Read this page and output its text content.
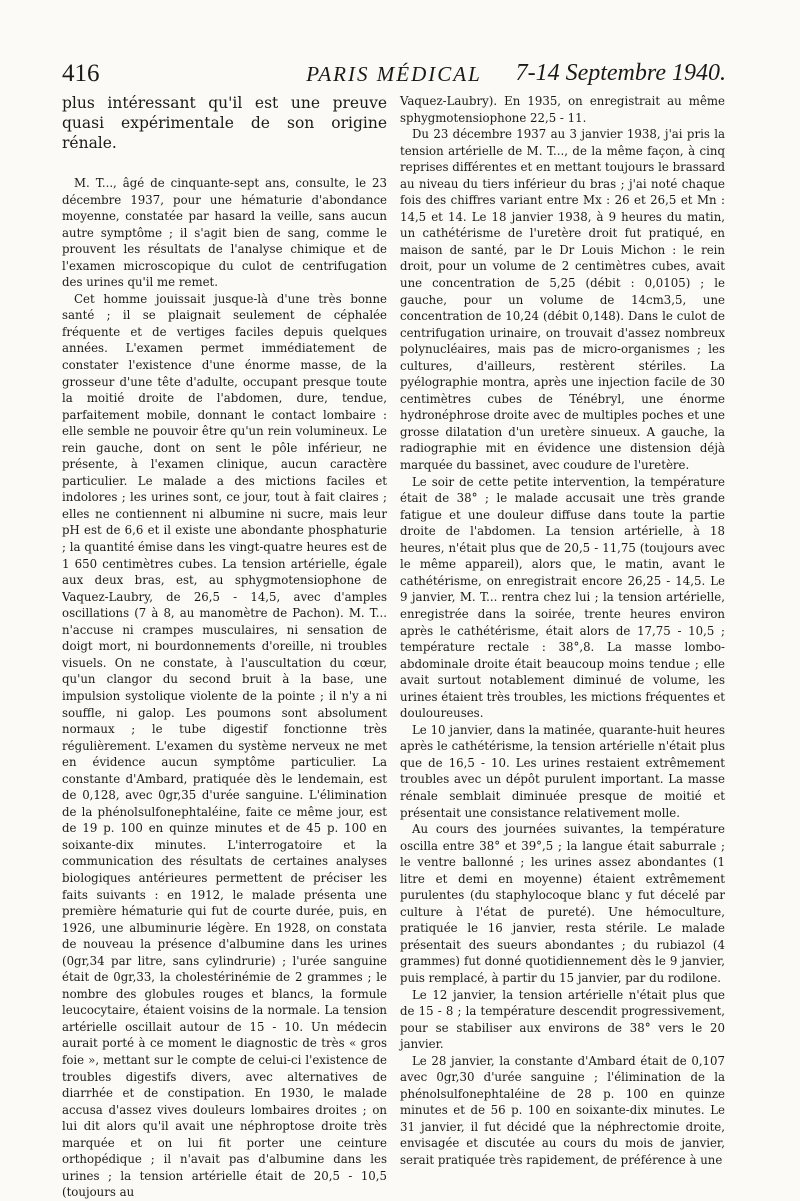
416	PARIS MÉDICAL	7-14 Septembre 1940.

plus intéressant qu'il est une preuve quasi expérimentale de son origine rénale.

M. T..., âgé de cinquante-sept ans, consulte, le 23 décembre 1937, pour une hématurie d'abondance moyenne, constatée par hasard la veille, sans aucun autre symptôme ; il s'agit bien de sang, comme le prouvent les résultats de l'analyse chimique et de l'examen microscopique du culot de centrifugation des urines qu'il me remet.

Cet homme jouissait jusque-là d'une très bonne santé ; il se plaignait seulement de céphalée fréquente et de vertiges faciles depuis quelques années. L'examen permet immédiatement de constater l'existence d'une énorme masse, de la grosseur d'une tête d'adulte, occupant presque toute la moitié droite de l'abdomen, dure, tendue, parfaitement mobile, donnant le contact lombaire : elle semble ne pouvoir être qu'un rein volumineux. Le rein gauche, dont on sent le pôle inférieur, ne présente, à l'examen clinique, aucun caractère particulier. Le malade a des mictions faciles et indolores ; les urines sont, ce jour, tout à fait claires ; elles ne contiennent ni albumine ni sucre, mais leur pH est de 6,6 et il existe une abondante phosphaturie ; la quantité émise dans les vingt-quatre heures est de 1 650 centimètres cubes. La tension artérielle, égale aux deux bras, est, au sphygmotensiophone de Vaquez-Laubry, de 26,5 - 14,5, avec d'amples oscillations (7 à 8, au manomètre de Pachon). M. T... n'accuse ni crampes musculaires, ni sensation de doigt mort, ni bourdonnements d'oreille, ni troubles visuels. On ne constate, à l'auscultation du cœur, qu'un clangor du second bruit à la base, une impulsion systolique violente de la pointe ; il n'y a ni souffle, ni galop. Les poumons sont absolument normaux ; le tube digestif fonctionne très régulièrement. L'examen du système nerveux ne met en évidence aucun symptôme particulier. La constante d'Ambard, pratiquée dès le lendemain, est de 0,128, avec 0gr,35 d'urée sanguine. L'élimination de la phénolsulfonephtaléine, faite ce même jour, est de 19 p. 100 en quinze minutes et de 45 p. 100 en soixante-dix minutes. L'interrogatoire et la communication des résultats de certaines analyses biologiques antérieures permettent de préciser les faits suivants : en 1912, le malade présenta une première hématurie qui fut de courte durée, puis, en 1926, une albuminurie légère. En 1928, on constata de nouveau la présence d'albumine dans les urines (0gr,34 par litre, sans cylindrurie) ; l'urée sanguine était de 0gr,33, la cholestérinémie de 2 grammes ; le nombre des globules rouges et blancs, la formule leucocytaire, étaient voisins de la normale. La tension artérielle oscillait autour de 15 - 10. Un médecin aurait porté à ce moment le diagnostic de très « gros foie », mettant sur le compte de celui-ci l'existence de troubles digestifs divers, avec alternatives de diarrhée et de constipation. En 1930, le malade accusa d'assez vives douleurs lombaires droites ; on lui dit alors qu'il avait une néphroptose droite très marquée et on lui fit porter une ceinture orthopédique ; il n'avait pas d'albumine dans les urines ; la tension artérielle était de 20,5 - 10,5 (toujours au

Vaquez-Laubry). En 1935, on enregistrait au même sphygmotensiophone 22,5 - 11.

Du 23 décembre 1937 au 3 janvier 1938, j'ai pris la tension artérielle de M. T..., de la même façon, à cinq reprises différentes et en mettant toujours le brassard au niveau du tiers inférieur du bras ; j'ai noté chaque fois des chiffres variant entre Mx : 26 et 26,5 et Mn : 14,5 et 14. Le 18 janvier 1938, à 9 heures du matin, un cathétérisme de l'uretère droit fut pratiqué, en maison de santé, par le Dr Louis Michon : le rein droit, pour un volume de 2 centimètres cubes, avait une concentration de 5,25 (débit : 0,0105) ; le gauche, pour un volume de 14cm3,5, une concentration de 10,24 (débit 0,148). Dans le culot de centrifugation urinaire, on trouvait d'assez nombreux polynucléaires, mais pas de micro-organismes ; les cultures, d'ailleurs, restèrent stériles. La pyélographie montra, après une injection facile de 30 centimètres cubes de Ténébryl, une énorme hydronéphrose droite avec de multiples poches et une grosse dilatation d'un uretère sinueux. A gauche, la radiographie mit en évidence une distension déjà marquée du bassinet, avec coudure de l'uretère.

Le soir de cette petite intervention, la température était de 38° ; le malade accusait une très grande fatigue et une douleur diffuse dans toute la partie droite de l'abdomen. La tension artérielle, à 18 heures, n'était plus que de 20,5 - 11,75 (toujours avec le même appareil), alors que, le matin, avant le cathétérisme, on enregistrait encore 26,25 - 14,5. Le 9 janvier, M. T... rentra chez lui ; la tension artérielle, enregistrée dans la soirée, trente heures environ après le cathétérisme, était alors de 17,75 - 10,5 ; température rectale : 38°,8. La masse lombo-abdominale droite était beaucoup moins tendue ; elle avait surtout notablement diminué de volume, les urines étaient très troubles, les mictions fréquentes et douloureuses.

Le 10 janvier, dans la matinée, quarante-huit heures après le cathétérisme, la tension artérielle n'était plus que de 16,5 - 10. Les urines restaient extrêmement troubles avec un dépôt purulent important. La masse rénale semblait diminuée presque de moitié et présentait une consistance relativement molle.

Au cours des journées suivantes, la température oscilla entre 38° et 39°,5 ; la langue était saburrale ; le ventre ballonné ; les urines assez abondantes (1 litre et demi en moyenne) étaient extrêmement purulentes (du staphylocoque blanc y fut décelé par culture à l'état de pureté). Une hémoculture, pratiquée le 16 janvier, resta stérile. Le malade présentait des sueurs abondantes ; du rubiazol (4 grammes) fut donné quotidiennement dès le 9 janvier, puis remplacé, à partir du 15 janvier, par du rodilone.

Le 12 janvier, la tension artérielle n'était plus que de 15 - 8 ; la température descendit progressivement, pour se stabiliser aux environs de 38° vers le 20 janvier.

Le 28 janvier, la constante d'Ambard était de 0,107 avec 0gr,30 d'urée sanguine ; l'élimination de la phénolsulfonephtaléine de 28 p. 100 en quinze minutes et de 56 p. 100 en soixante-dix minutes. Le 31 janvier, il fut décidé que la néphrectomie droite, envisagée et discutée au cours du mois de janvier, serait pratiquée très rapidement, de préférence à une
